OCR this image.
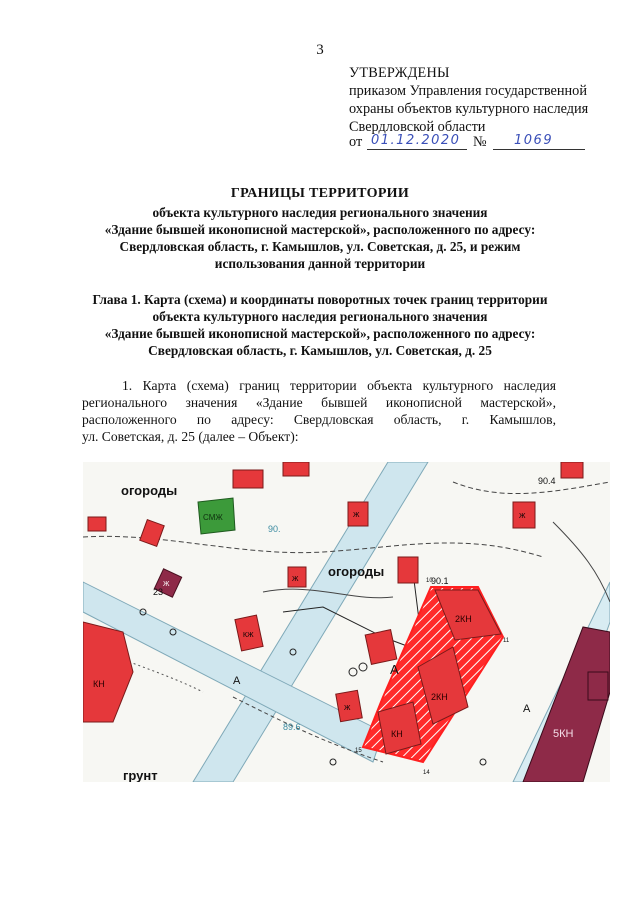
3
УТВЕРЖДЕНЫ
приказом Управления государственной
охраны объектов культурного наследия
Свердловской области
от 01.12.2020 № 1069
ГРАНИЦЫ ТЕРРИТОРИИ
объекта культурного наследия регионального значения
«Здание бывшей иконописной мастерской», расположенного по адресу:
Свердловская область, г. Камышлов, ул. Советская, д. 25, и режим
использования данной территории
Глава 1. Карта (схема) и координаты поворотных точек границ территории
объекта культурного наследия регионального значения
«Здание бывшей иконописной мастерской», расположенного по адресу:
Свердловская область, г. Камышлов, ул. Советская, д. 25
1. Карта (схема) границ территории объекта культурного наследия
регионального значения «Здание бывшей иконописной мастерской»,
расположенного по адресу: Свердловская область, г. Камышлов,
ул. Советская, д. 25 (далее – Объект):
КН
Ж
СМЖ
Ж
Ж	Ж
КЖ
Ж
2КН
2КН
КН	5КН
огороды
огороды
грунт
А
А
А
90.1
89.6
90.4
90.
23
10
11
14
15
